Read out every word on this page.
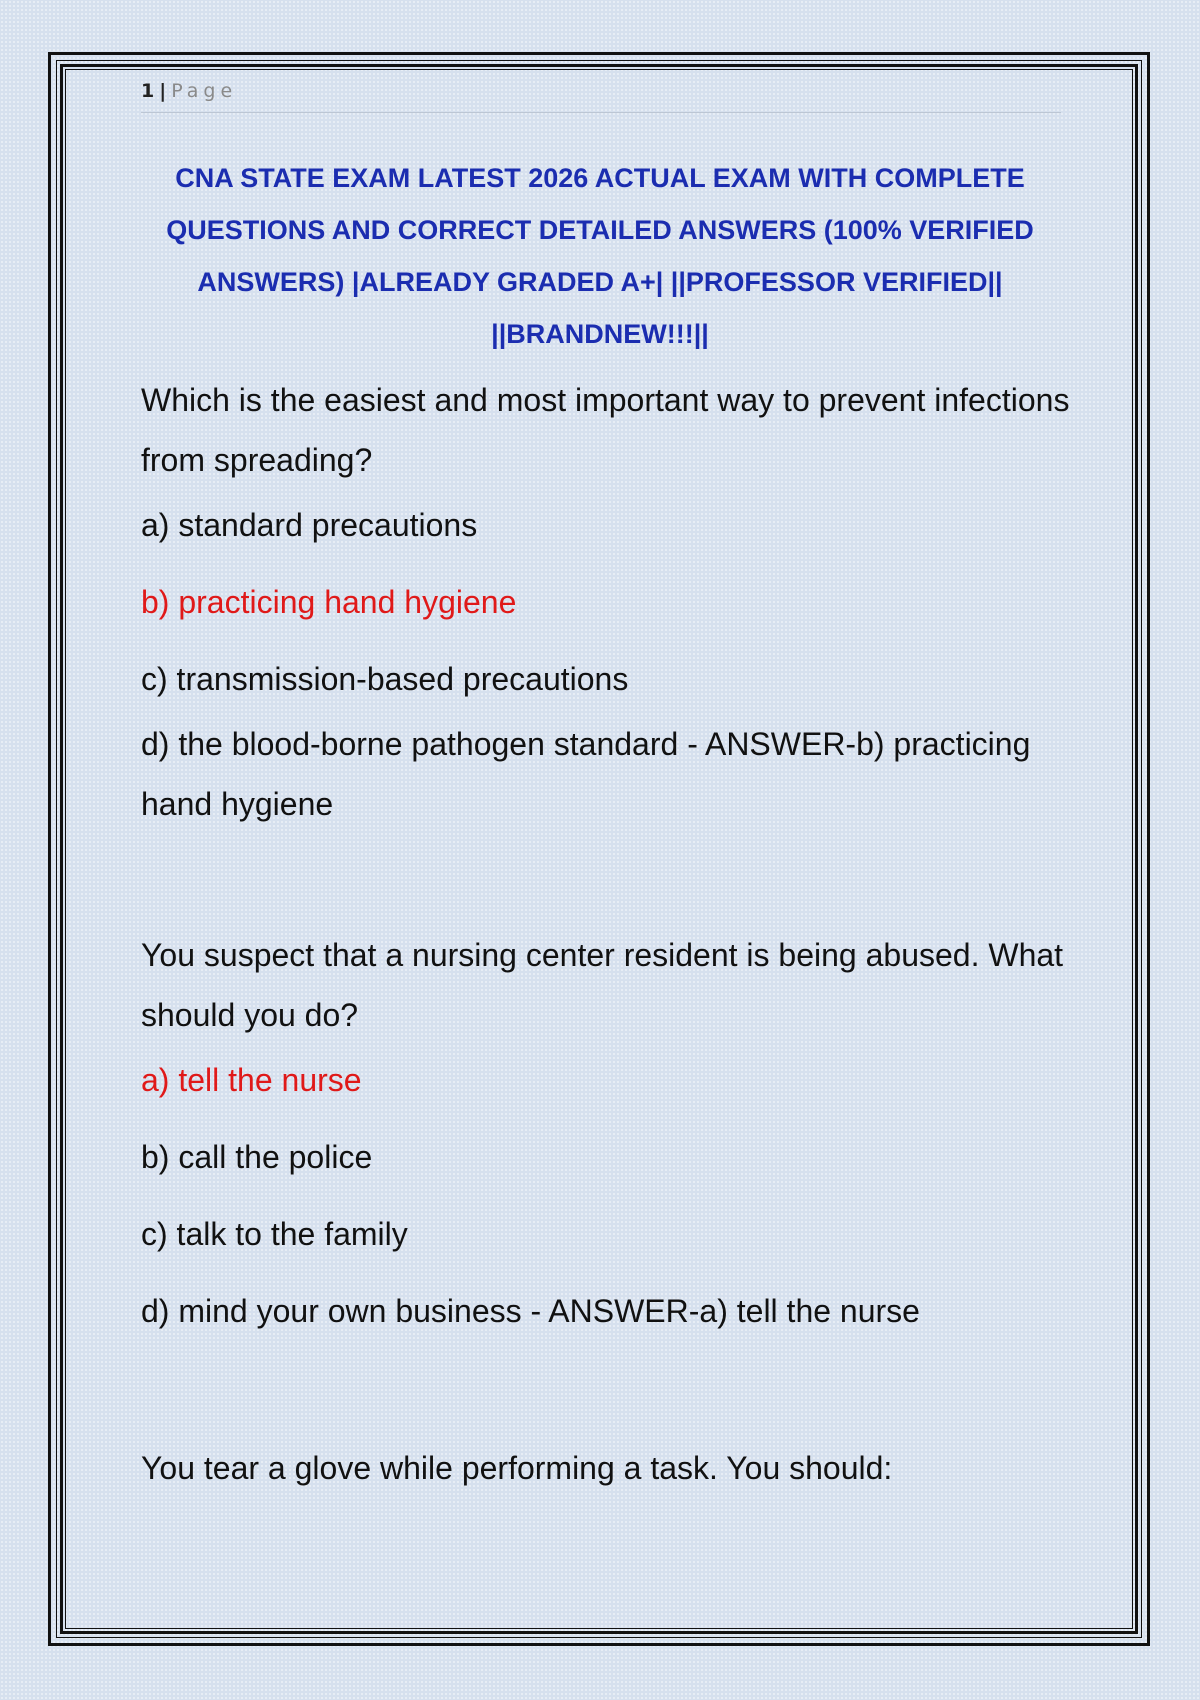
1 | Page
CNA STATE EXAM LATEST 2026 ACTUAL EXAM WITH COMPLETE QUESTIONS AND CORRECT DETAILED ANSWERS (100% VERIFIED ANSWERS) |ALREADY GRADED A+| ||PROFESSOR VERIFIED|| ||BRANDNEW!!!||

Which is the easiest and most important way to prevent infections from spreading?

a) standard precautions

b) practicing hand hygiene

c) transmission-based precautions

d) the blood-borne pathogen standard - ANSWER-b) practicing hand hygiene

You suspect that a nursing center resident is being abused. What should you do?

a) tell the nurse

b) call the police

c) talk to the family

d) mind your own business - ANSWER-a) tell the nurse

You tear a glove while performing a task. You should:
